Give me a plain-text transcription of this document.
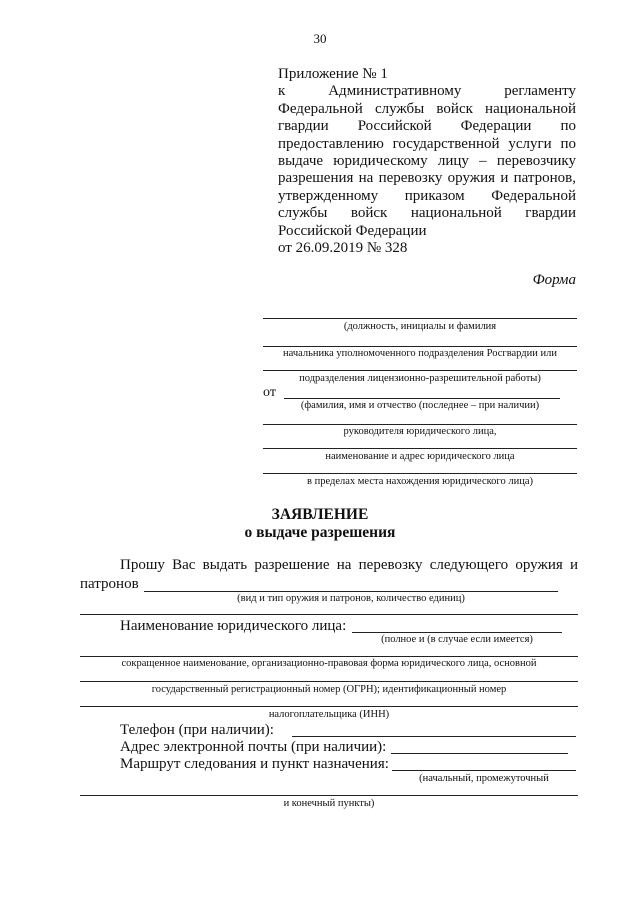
30
Приложение № 1
к Административному регламенту
Федеральной службы войск национальной
гвардии Российской Федерации по
предоставлению государственной услуги по
выдаче юридическому лицу – перевозчику
разрешения на перевозку оружия и патронов,
утвержденному приказом Федеральной
службы войск национальной гвардии
Российской Федерации
от 26.09.2019 № 328
Форма
(должность, инициалы и фамилия
начальника уполномоченного подразделения Росгвардии или
подразделения лицензионно-разрешительной работы)
от
(фамилия, имя и отчество (последнее – при наличии)
руководителя юридического лица,
наименование и адрес юридического лица
в пределах места нахождения юридического лица)
ЗАЯВЛЕНИЕ
о выдаче разрешения
Прошу Вас выдать разрешение на перевозку следующего оружия и
патронов
(вид и тип оружия и патронов, количество единиц)
Наименование юридического лица:
(полное и (в случае если имеется)
сокращенное наименование, организационно-правовая форма юридического лица, основной
государственный регистрационный номер (ОГРН); идентификационный номер
налогоплательщика (ИНН)
Телефон (при наличии):
Адрес электронной почты (при наличии):
Маршрут следования и пункт назначения:
(начальный, промежуточный
и конечный пункты)
